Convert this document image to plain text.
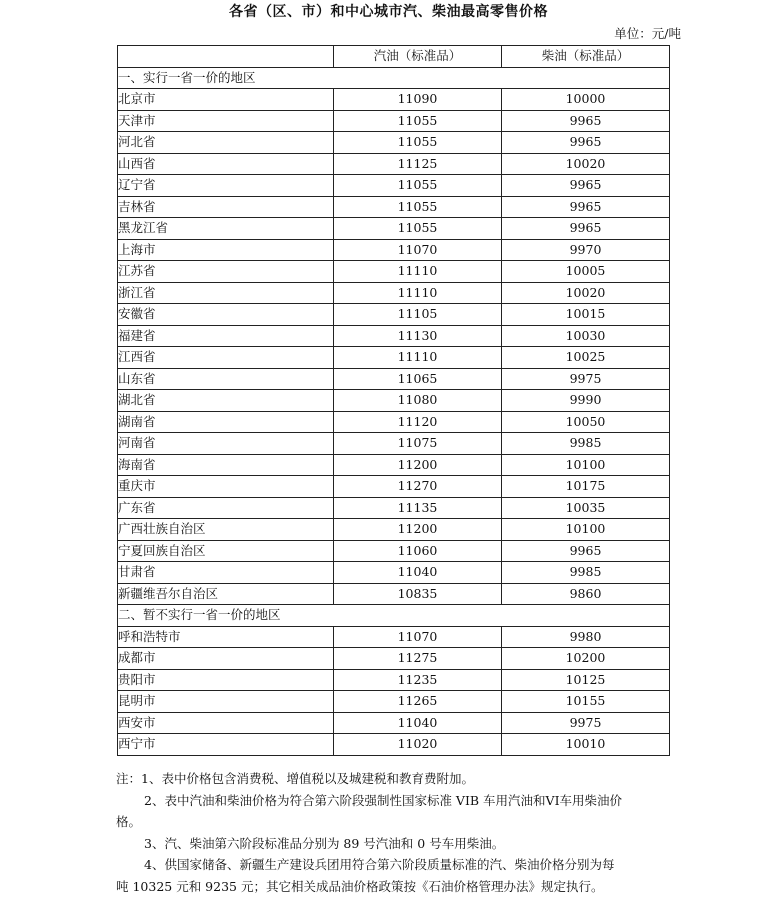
各省（区、市）和中心城市汽、柴油最高零售价格
单位：元/吨
	汽油（标准品）	柴油（标准品）
一、实行一省一价的地区		
北京市	11090	10000
天津市	11055	9965
河北省	11055	9965
山西省	11125	10020
辽宁省	11055	9965
吉林省	11055	9965
黑龙江省	11055	9965
上海市	11070	9970
江苏省	11110	10005
浙江省	11110	10020
安徽省	11105	10015
福建省	11130	10030
江西省	11110	10025
山东省	11065	9975
湖北省	11080	9990
湖南省	11120	10050
河南省	11075	9985
海南省	11200	10100
重庆市	11270	10175
广东省	11135	10035
广西壮族自治区	11200	10100
宁夏回族自治区	11060	9965
甘肃省	11040	9985
新疆维吾尔自治区	10835	9860
二、暂不实行一省一价的地区		
呼和浩特市	11070	9980
成都市	11275	10200
贵阳市	11235	10125
昆明市	11265	10155
西安市	11040	9975
西宁市	11020	10010
注：1、表中价格包含消费税、增值税以及城建税和教育费附加。
2、表中汽油和柴油价格为符合第六阶段强制性国家标准 VIB 车用汽油和VI车用柴油价
格。
3、汽、柴油第六阶段标准品分别为 89 号汽油和 0 号车用柴油。
4、供国家储备、新疆生产建设兵团用符合第六阶段质量标准的汽、柴油价格分别为每
吨 10325 元和 9235 元；其它相关成品油价格政策按《石油价格管理办法》规定执行。
